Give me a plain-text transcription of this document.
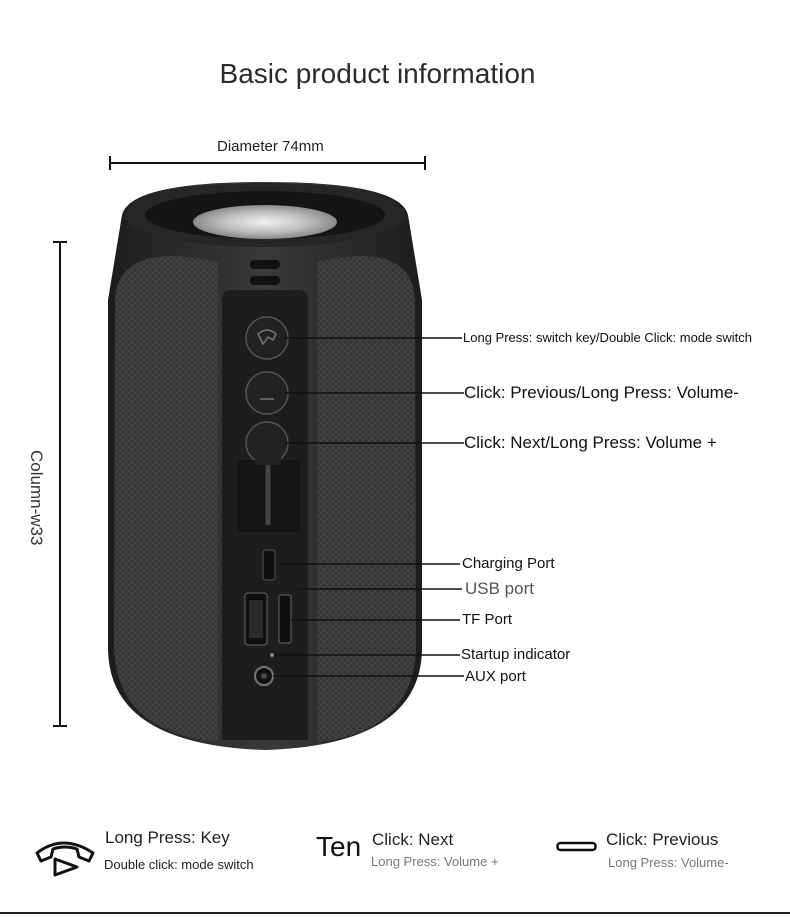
Basic product information
Diameter 74mm
Column-w33
Long Press: switch key/Double Click: mode switch
Click: Previous/Long Press: Volume-
Click: Next/Long Press: Volume +
Charging Port
USB port
TF Port
Startup indicator
AUX port
Long Press: Key
Double click: mode switch
Ten Click: Next
Long Press: Volume +
Click: Previous
Long Press: Volume-
